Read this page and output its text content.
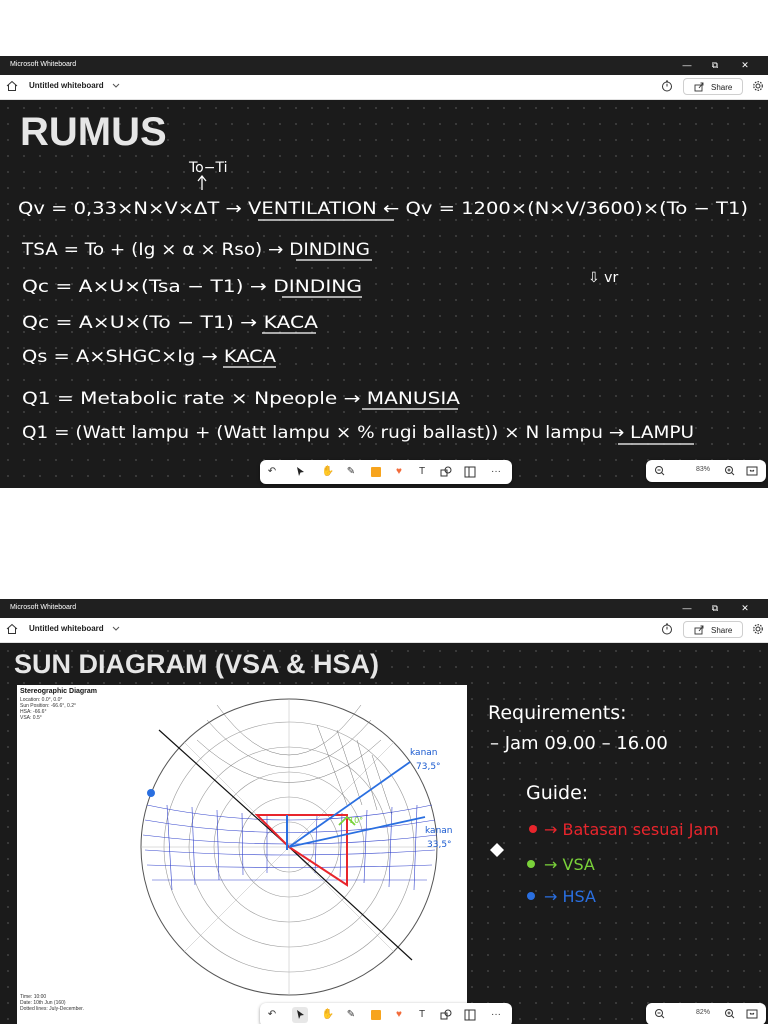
Microsoft Whiteboard	—	⧉	✕
Untitled whiteboard	Share
RUMUS
To−Ti
Qv = 0,33×N×V×ΔT → VENTILATION ← Qv = 1200×(N×V/3600)×(To − T1)
⇩ vr
TSA = To + (Ig × α × Rso) → DINDING
Qc = A×U×(Tsa − T1) → DINDING
Qc = A×U×(To − T1) → KACA
Qs = A×SHGC×Ig → KACA
Q1 = Metabolic rate × Npeople → MANUSIA
Q1 = (Watt lampu + (Watt lampu × % rugi ballast)) × N lampu → LAMPU
↶	✋	✎	♥	T	···	83%
Microsoft Whiteboard	—	⧉	✕
Untitled whiteboard	Share
SUN DIAGRAM (VSA & HSA)
Stereographic Diagram
Location: 0.0°, 0.0°
Sun Position: -66.6°, 0.2°
HSA: -66.6°
VSA: 0.5°
10°
kanan
73,5°
kanan
33,5°
Time: 10:00
Date: 10th Jun (160)
Dotted lines: July-December.
Requirements:
– Jam 09.00 – 16.00
Guide:
→ Batasan sesuai Jam
→ VSA
→ HSA
↶	✋	✎	♥	T	···	82%
